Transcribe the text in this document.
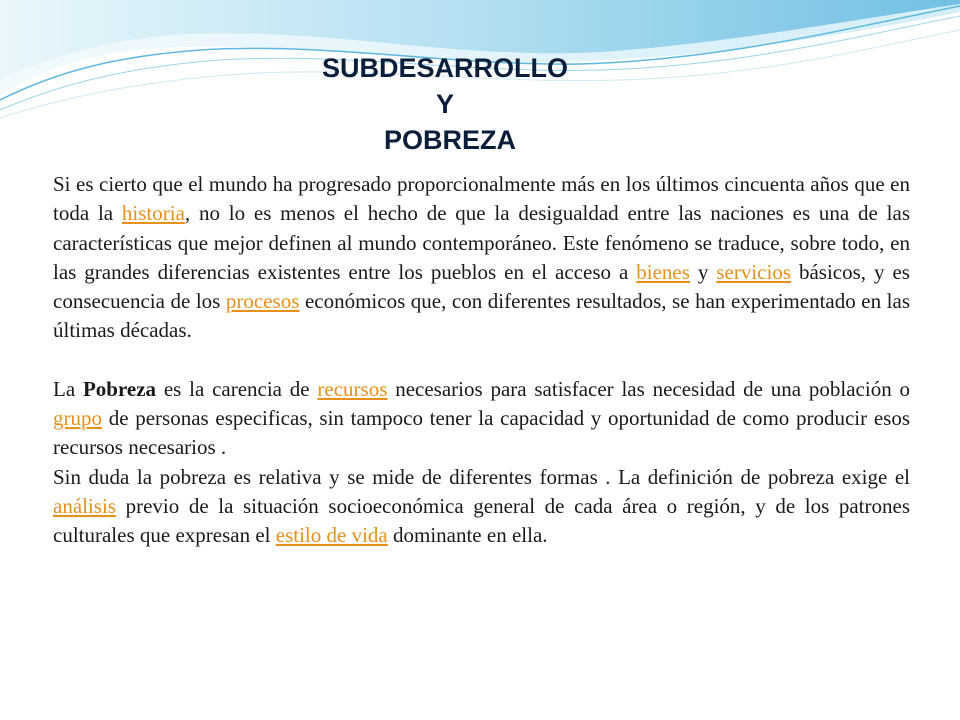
SUBDESARROLLO
Y
POBREZA

Si es cierto que el mundo ha progresado proporcionalmente más en los últimos cincuenta años que en toda la historia, no lo es menos el hecho de que la desigualdad entre las naciones es una de las características que mejor definen al mundo contemporáneo. Este fenómeno se traduce, sobre todo, en las grandes diferencias existentes entre los pueblos en el acceso a bienes y servicios básicos, y es consecuencia de los procesos económicos que, con diferentes resultados, se han experimentado en las últimas décadas.

La Pobreza es la carencia de recursos necesarios para satisfacer las necesidad de una población o grupo de personas especificas, sin tampoco tener la capacidad y oportunidad de como producir esos recursos necesarios .
Sin duda la pobreza es relativa y se mide de diferentes formas . La definición de pobreza exige el análisis previo de la situación socioeconómica general de cada área o región, y de los patrones culturales que expresan el estilo de vida dominante en ella.
